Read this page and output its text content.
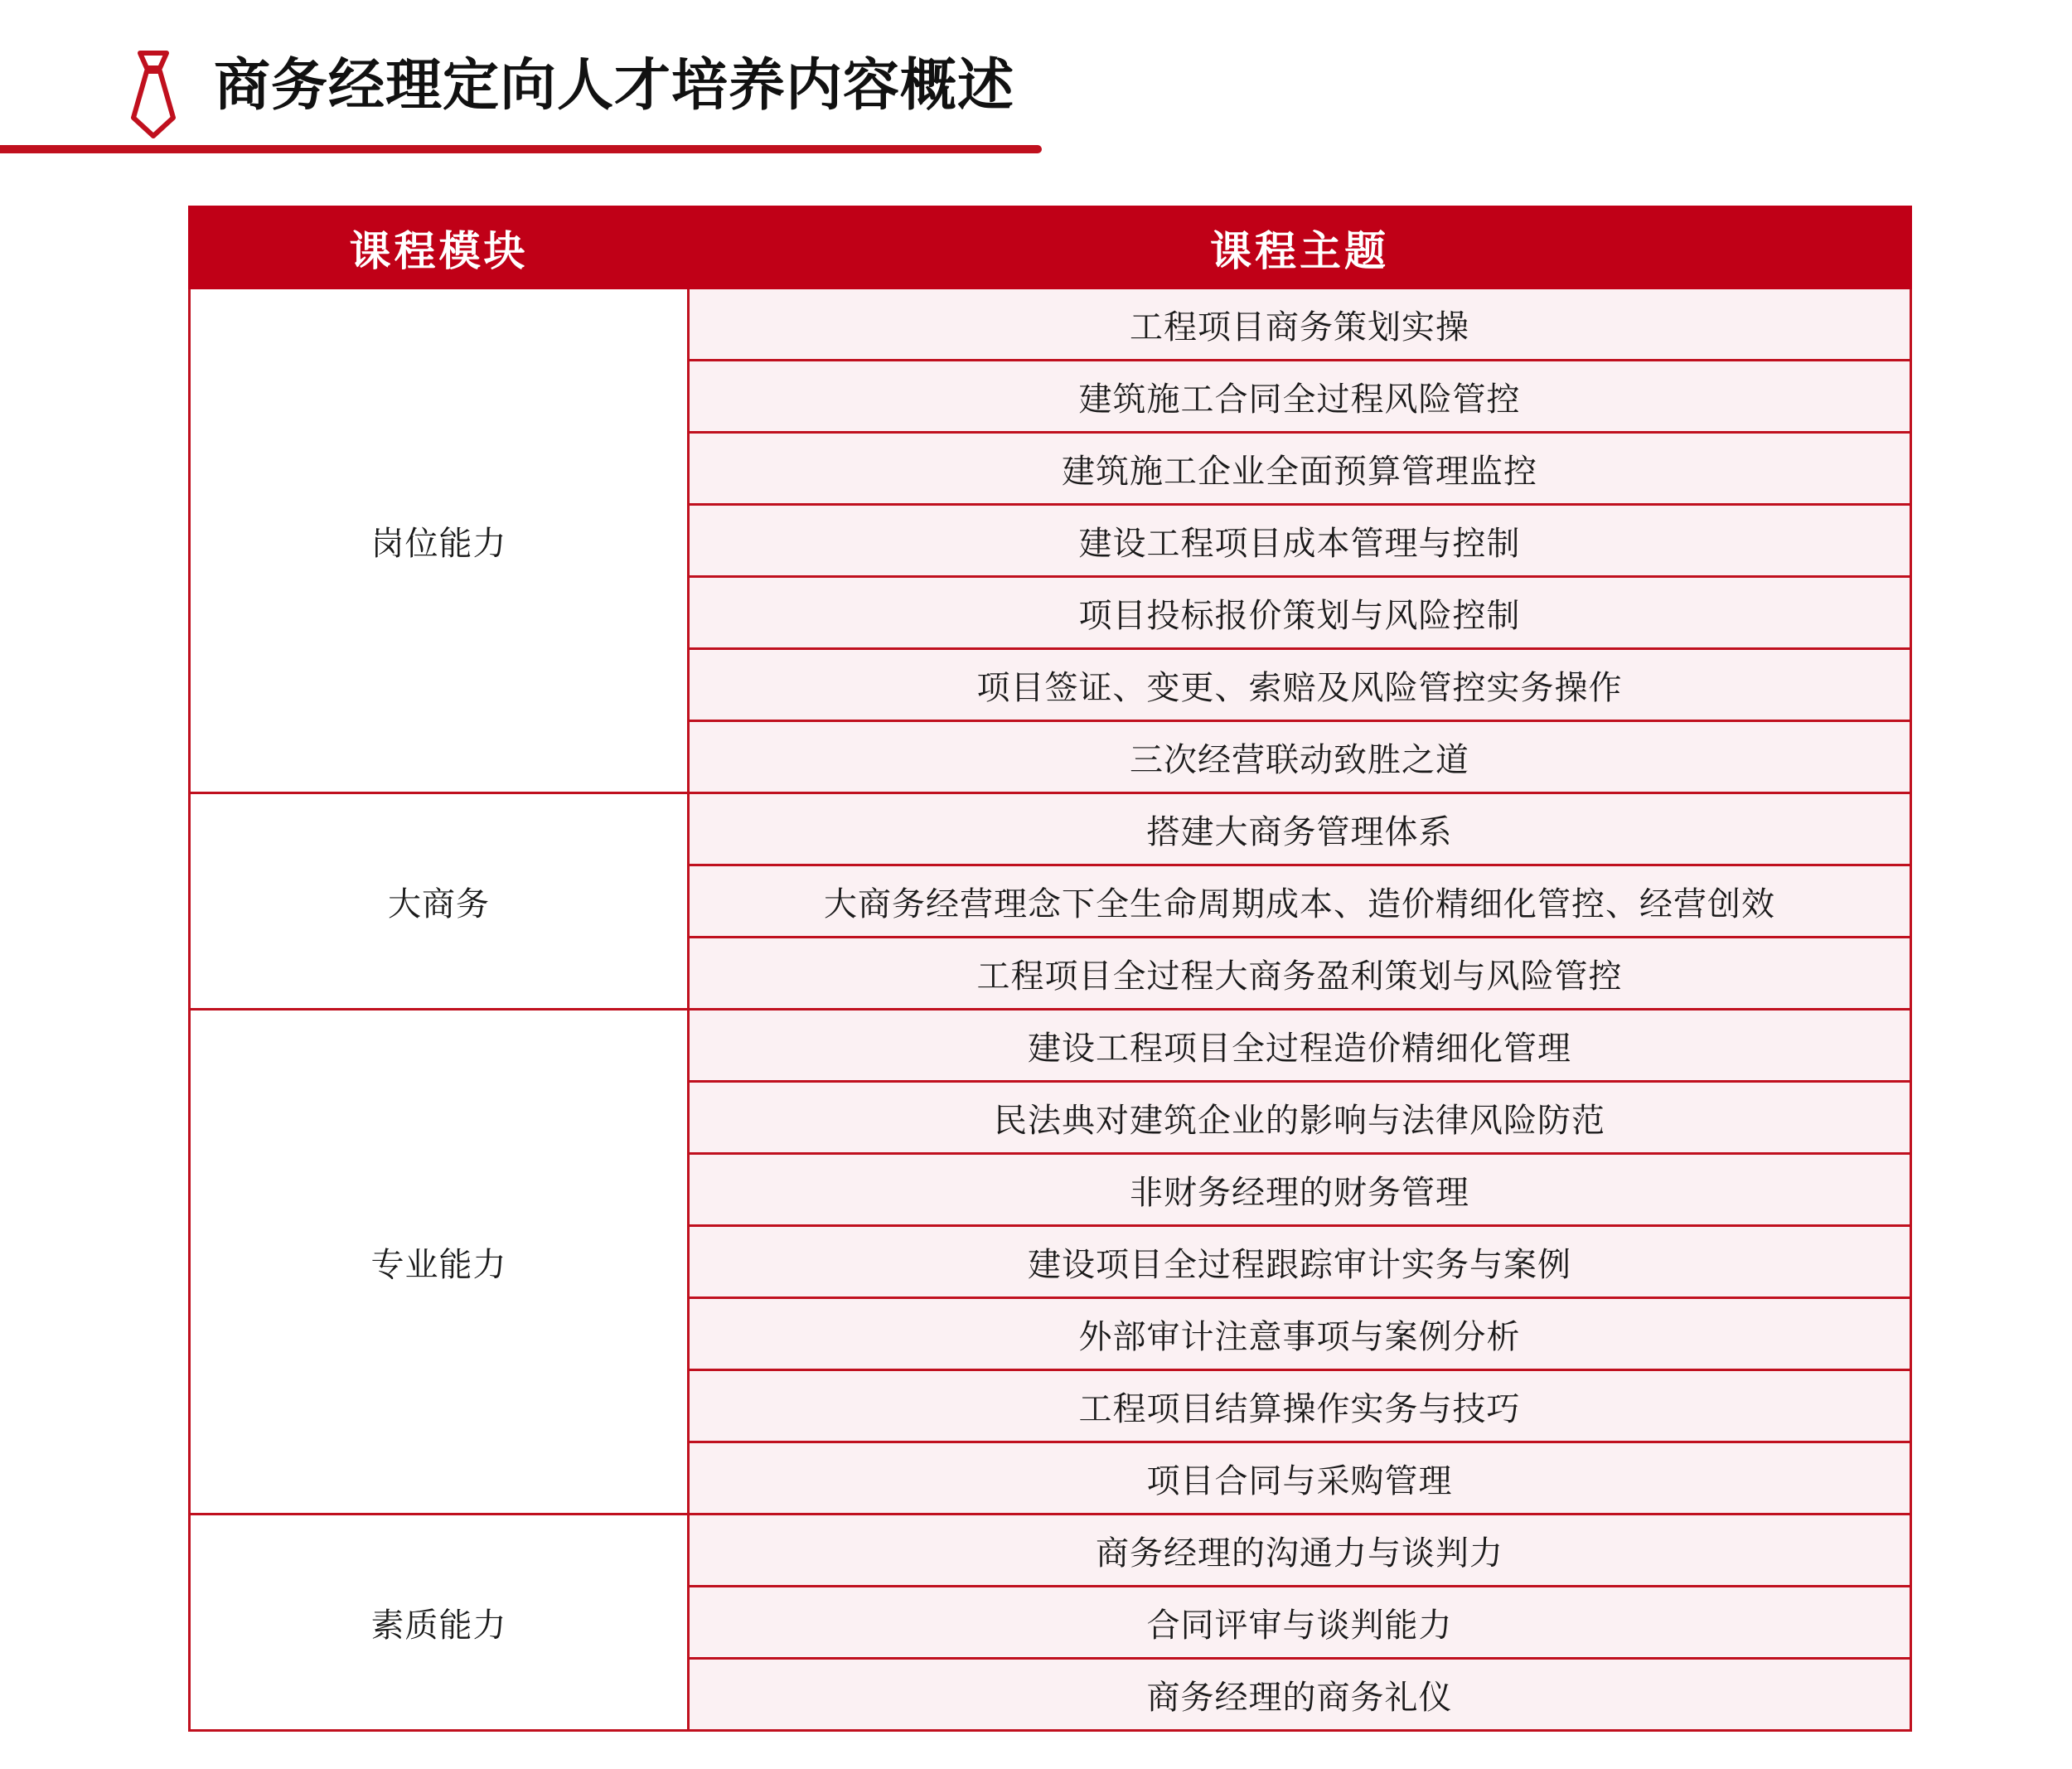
商务经理定向人才培养内容概述
课程模块	课程主题
岗位能力	工程项目商务策划实操
	建筑施工合同全过程风险管控
	建筑施工企业全面预算管理监控
	建设工程项目成本管理与控制
	项目投标报价策划与风险控制
	项目签证、变更、索赔及风险管控实务操作
	三次经营联动致胜之道
大商务	搭建大商务管理体系
	大商务经营理念下全生命周期成本、造价精细化管控、经营创效
	工程项目全过程大商务盈利策划与风险管控
专业能力	建设工程项目全过程造价精细化管理
	民法典对建筑企业的影响与法律风险防范
	非财务经理的财务管理
	建设项目全过程跟踪审计实务与案例
	外部审计注意事项与案例分析
	工程项目结算操作实务与技巧
	项目合同与采购管理
素质能力	商务经理的沟通力与谈判力
	合同评审与谈判能力
	商务经理的商务礼仪
